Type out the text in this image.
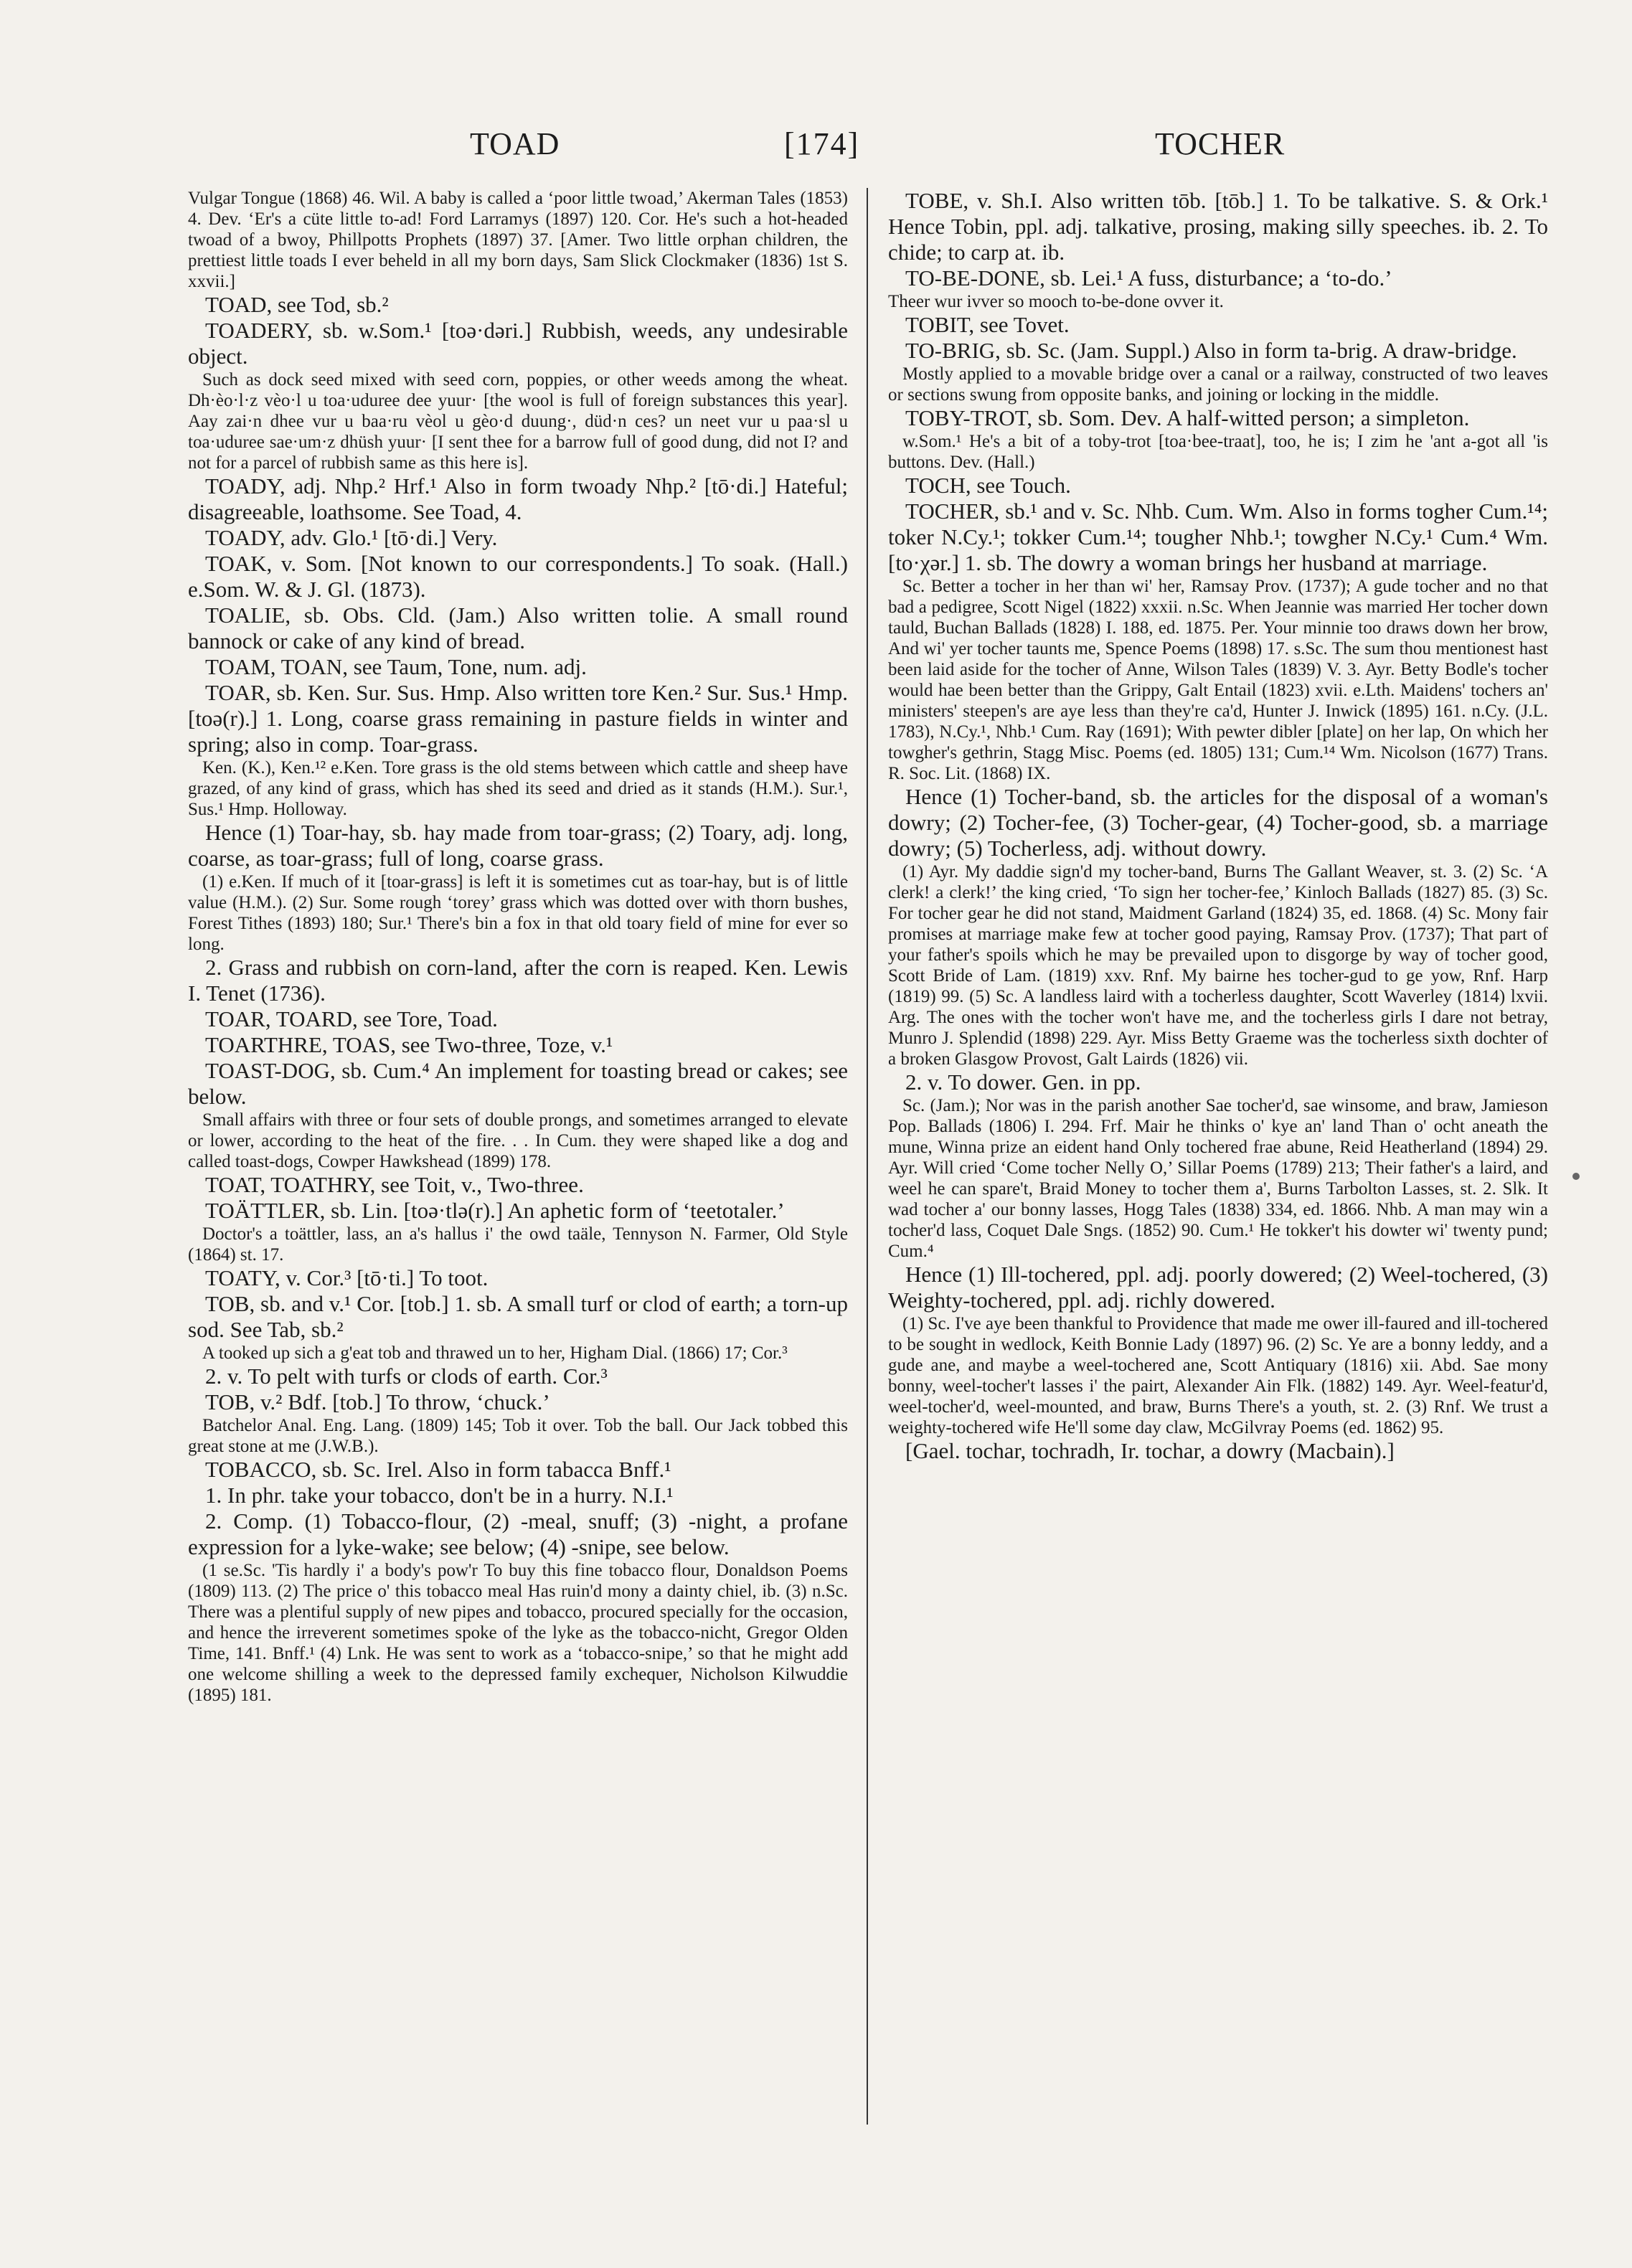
TOAD	[174]	TOCHER

Vulgar Tongue (1868) 46. Wil. A baby is called a ‘poor little twoad,’ Akerman Tales (1853) 4. Dev. ‘Er's a cüte little to-ad! Ford Larramys (1897) 120. Cor. He's such a hot-headed twoad of a bwoy, Phillpotts Prophets (1897) 37. [Amer. Two little orphan children, the prettiest little toads I ever beheld in all my born days, Sam Slick Clockmaker (1836) 1st S. xxvii.]

TOAD, see Tod, sb.²

TOADERY, sb. w.Som.¹ [toə·dəri.] Rubbish, weeds, any undesirable object.

Such as dock seed mixed with seed corn, poppies, or other weeds among the wheat. Dh·èo·l·z vèo·l u toa·uduree dee yuur· [the wool is full of foreign substances this year]. Aay zai·n dhee vur u baa·ru vèol u gèo·d duung·, düd·n ces? un neet vur u paa·sl u toa·uduree sae·um·z dhüsh yuur· [I sent thee for a barrow full of good dung, did not I? and not for a parcel of rubbish same as this here is].

TOADY, adj. Nhp.² Hrf.¹ Also in form twoady Nhp.² [tō·di.] Hateful; disagreeable, loathsome. See Toad, 4.

TOADY, adv. Glo.¹ [tō·di.] Very.

TOAK, v. Som. [Not known to our correspondents.] To soak. (Hall.) e.Som. W. & J. Gl. (1873).

TOALIE, sb. Obs. Cld. (Jam.) Also written tolie. A small round bannock or cake of any kind of bread.

TOAM, TOAN, see Taum, Tone, num. adj.

TOAR, sb. Ken. Sur. Sus. Hmp. Also written tore Ken.² Sur. Sus.¹ Hmp. [toə(r).] 1. Long, coarse grass remaining in pasture fields in winter and spring; also in comp. Toar-grass.

Ken. (K.), Ken.¹² e.Ken. Tore grass is the old stems between which cattle and sheep have grazed, of any kind of grass, which has shed its seed and dried as it stands (H.M.). Sur.¹, Sus.¹ Hmp. Holloway.

Hence (1) Toar-hay, sb. hay made from toar-grass; (2) Toary, adj. long, coarse, as toar-grass; full of long, coarse grass.

(1) e.Ken. If much of it [toar-grass] is left it is sometimes cut as toar-hay, but is of little value (H.M.). (2) Sur. Some rough ‘torey’ grass which was dotted over with thorn bushes, Forest Tithes (1893) 180; Sur.¹ There's bin a fox in that old toary field of mine for ever so long.

2. Grass and rubbish on corn-land, after the corn is reaped. Ken. Lewis I. Tenet (1736).

TOAR, TOARD, see Tore, Toad.

TOARTHRE, TOAS, see Two-three, Toze, v.¹

TOAST-DOG, sb. Cum.⁴ An implement for toasting bread or cakes; see below.

Small affairs with three or four sets of double prongs, and sometimes arranged to elevate or lower, according to the heat of the fire. . . In Cum. they were shaped like a dog and called toast-dogs, Cowper Hawkshead (1899) 178.

TOAT, TOATHRY, see Toit, v., Two-three.

TOÄTTLER, sb. Lin. [toə·tlə(r).] An aphetic form of ‘teetotaler.’

Doctor's a toättler, lass, an a's hallus i' the owd taäle, Tennyson N. Farmer, Old Style (1864) st. 17.

TOATY, v. Cor.³ [tō·ti.] To toot.

TOB, sb. and v.¹ Cor. [tob.] 1. sb. A small turf or clod of earth; a torn-up sod. See Tab, sb.²

A tooked up sich a g'eat tob and thrawed un to her, Higham Dial. (1866) 17; Cor.³

2. v. To pelt with turfs or clods of earth. Cor.³

TOB, v.² Bdf. [tob.] To throw, ‘chuck.’

Batchelor Anal. Eng. Lang. (1809) 145; Tob it over. Tob the ball. Our Jack tobbed this great stone at me (J.W.B.).

TOBACCO, sb. Sc. Irel. Also in form tabacca Bnff.¹

1. In phr. take your tobacco, don't be in a hurry. N.I.¹

2. Comp. (1) Tobacco-flour, (2) -meal, snuff; (3) -night, a profane expression for a lyke-wake; see below; (4) -snipe, see below.

(1 se.Sc. 'Tis hardly i' a body's pow'r To buy this fine tobacco flour, Donaldson Poems (1809) 113. (2) The price o' this tobacco meal Has ruin'd mony a dainty chiel, ib. (3) n.Sc. There was a plentiful supply of new pipes and tobacco, procured specially for the occasion, and hence the irreverent sometimes spoke of the lyke as the tobacco-nicht, Gregor Olden Time, 141. Bnff.¹ (4) Lnk. He was sent to work as a ‘tobacco-snipe,’ so that he might add one welcome shilling a week to the depressed family exchequer, Nicholson Kilwuddie (1895) 181.

TOBE, v. Sh.I. Also written tōb. [tōb.] 1. To be talkative. S. & Ork.¹ Hence Tobin, ppl. adj. talkative, prosing, making silly speeches. ib. 2. To chide; to carp at. ib.

TO-BE-DONE, sb. Lei.¹ A fuss, disturbance; a ‘to-do.’

Theer wur ivver so mooch to-be-done ovver it.

TOBIT, see Tovet.

TO-BRIG, sb. Sc. (Jam. Suppl.) Also in form ta-brig. A draw-bridge.

Mostly applied to a movable bridge over a canal or a railway, constructed of two leaves or sections swung from opposite banks, and joining or locking in the middle.

TOBY-TROT, sb. Som. Dev. A half-witted person; a simpleton.

w.Som.¹ He's a bit of a toby-trot [toa·bee-traat], too, he is; I zim he 'ant a-got all 'is buttons. Dev. (Hall.)

TOCH, see Touch.

TOCHER, sb.¹ and v. Sc. Nhb. Cum. Wm. Also in forms togher Cum.¹⁴; toker N.Cy.¹; tokker Cum.¹⁴; tougher Nhb.¹; towgher N.Cy.¹ Cum.⁴ Wm. [to·χər.] 1. sb. The dowry a woman brings her husband at marriage.

Sc. Better a tocher in her than wi' her, Ramsay Prov. (1737); A gude tocher and no that bad a pedigree, Scott Nigel (1822) xxxii. n.Sc. When Jeannie was married Her tocher down tauld, Buchan Ballads (1828) I. 188, ed. 1875. Per. Your minnie too draws down her brow, And wi' yer tocher taunts me, Spence Poems (1898) 17. s.Sc. The sum thou mentionest hast been laid aside for the tocher of Anne, Wilson Tales (1839) V. 3. Ayr. Betty Bodle's tocher would hae been better than the Grippy, Galt Entail (1823) xvii. e.Lth. Maidens' tochers an' ministers' steepen's are aye less than they're ca'd, Hunter J. Inwick (1895) 161. n.Cy. (J.L. 1783), N.Cy.¹, Nhb.¹ Cum. Ray (1691); With pewter dibler [plate] on her lap, On which her towgher's gethrin, Stagg Misc. Poems (ed. 1805) 131; Cum.¹⁴ Wm. Nicolson (1677) Trans. R. Soc. Lit. (1868) IX.

Hence (1) Tocher-band, sb. the articles for the disposal of a woman's dowry; (2) Tocher-fee, (3) Tocher-gear, (4) Tocher-good, sb. a marriage dowry; (5) Tocherless, adj. without dowry.

(1) Ayr. My daddie sign'd my tocher-band, Burns The Gallant Weaver, st. 3. (2) Sc. ‘A clerk! a clerk!’ the king cried, ‘To sign her tocher-fee,’ Kinloch Ballads (1827) 85. (3) Sc. For tocher gear he did not stand, Maidment Garland (1824) 35, ed. 1868. (4) Sc. Mony fair promises at marriage make few at tocher good paying, Ramsay Prov. (1737); That part of your father's spoils which he may be prevailed upon to disgorge by way of tocher good, Scott Bride of Lam. (1819) xxv. Rnf. My bairne hes tocher-gud to ge yow, Rnf. Harp (1819) 99. (5) Sc. A landless laird with a tocherless daughter, Scott Waverley (1814) lxvii. Arg. The ones with the tocher won't have me, and the tocherless girls I dare not betray, Munro J. Splendid (1898) 229. Ayr. Miss Betty Graeme was the tocherless sixth dochter of a broken Glasgow Provost, Galt Lairds (1826) vii.

2. v. To dower. Gen. in pp.

Sc. (Jam.); Nor was in the parish another Sae tocher'd, sae winsome, and braw, Jamieson Pop. Ballads (1806) I. 294. Frf. Mair he thinks o' kye an' land Than o' ocht aneath the mune, Winna prize an eident hand Only tochered frae abune, Reid Heatherland (1894) 29. Ayr. Will cried ‘Come tocher Nelly O,’ Sillar Poems (1789) 213; Their father's a laird, and weel he can spare't, Braid Money to tocher them a', Burns Tarbolton Lasses, st. 2. Slk. It wad tocher a' our bonny lasses, Hogg Tales (1838) 334, ed. 1866. Nhb. A man may win a tocher'd lass, Coquet Dale Sngs. (1852) 90. Cum.¹ He tokker't his dowter wi' twenty pund; Cum.⁴

Hence (1) Ill-tochered, ppl. adj. poorly dowered; (2) Weel-tochered, (3) Weighty-tochered, ppl. adj. richly dowered.

(1) Sc. I've aye been thankful to Providence that made me ower ill-faured and ill-tochered to be sought in wedlock, Keith Bonnie Lady (1897) 96. (2) Sc. Ye are a bonny leddy, and a gude ane, and maybe a weel-tochered ane, Scott Antiquary (1816) xii. Abd. Sae mony bonny, weel-tocher't lasses i' the pairt, Alexander Ain Flk. (1882) 149. Ayr. Weel-featur'd, weel-tocher'd, weel-mounted, and braw, Burns There's a youth, st. 2. (3) Rnf. We trust a weighty-tochered wife He'll some day claw, McGilvray Poems (ed. 1862) 95.

[Gael. tochar, tochradh, Ir. tochar, a dowry (Macbain).]
